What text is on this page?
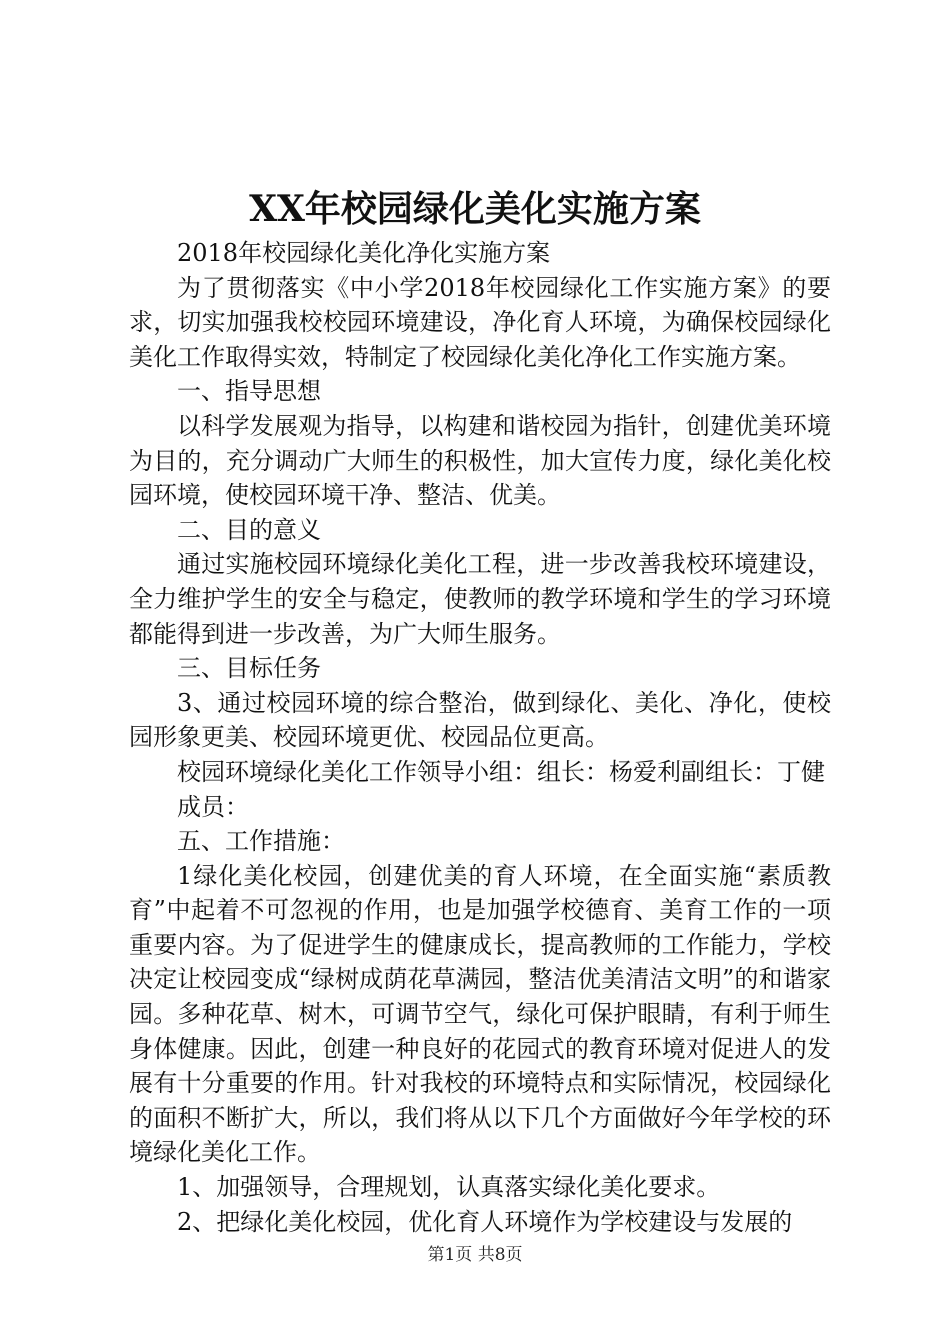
XX年校园绿化美化实施方案

2018年校园绿化美化净化实施方案

为了贯彻落实《中小学2018年校园绿化工作实施方案》的要求，切实加强我校校园环境建设，净化育人环境，为确保校园绿化美化工作取得实效，特制定了校园绿化美化净化工作实施方案。

一、指导思想

以科学发展观为指导，以构建和谐校园为指针，创建优美环境为目的，充分调动广大师生的积极性，加大宣传力度，绿化美化校园环境，使校园环境干净、整洁、优美。

二、目的意义

通过实施校园环境绿化美化工程，进一步改善我校环境建设，全力维护学生的安全与稳定，使教师的教学环境和学生的学习环境都能得到进一步改善，为广大师生服务。

三、目标任务

3、通过校园环境的综合整治，做到绿化、美化、净化，使校园形象更美、校园环境更优、校园品位更高。

校园环境绿化美化工作领导小组：组长：杨爱利副组长：丁健

成员：

五、工作措施：

1绿化美化校园，创建优美的育人环境，在全面实施“素质教育”中起着不可忽视的作用，也是加强学校德育、美育工作的一项重要内容。为了促进学生的健康成长，提高教师的工作能力，学校决定让校园变成“绿树成荫花草满园，整洁优美清洁文明”的和谐家园。多种花草、树木，可调节空气，绿化可保护眼睛，有利于师生身体健康。因此，创建一种良好的花园式的教育环境对促进人的发展有十分重要的作用。针对我校的环境特点和实际情况，校园绿化的面积不断扩大，所以，我们将从以下几个方面做好今年学校的环境绿化美化工作。

1、加强领导，合理规划，认真落实绿化美化要求。

2、把绿化美化校园，优化育人环境作为学校建设与发展的

第1页 共8页
